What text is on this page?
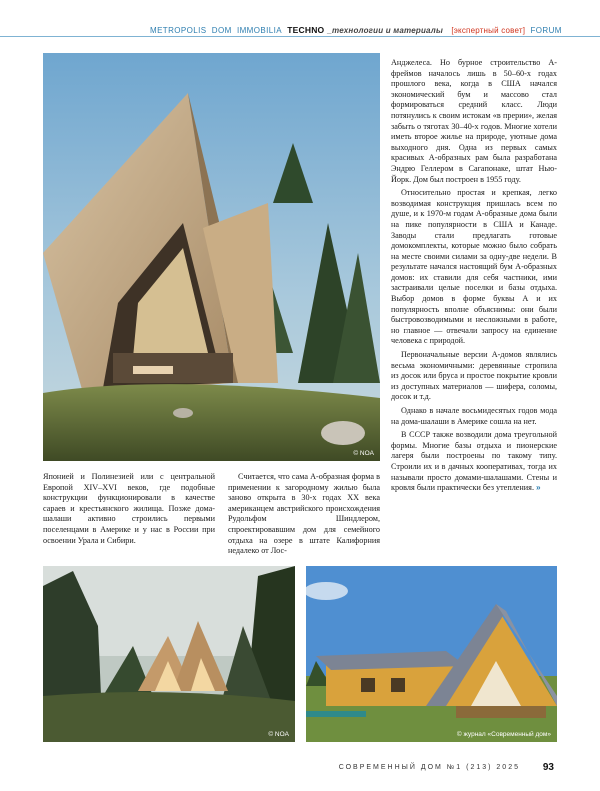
METROPOLIS DOM IMMOBILIA TECHNO _технологии и материалы [экспертный совет] FORUM
© NOA

Японией и Полинезией или с центральной Европой XIV–XVI веков, где подобные конструкции функционировали в качестве сараев и крестьянского жилища. Позже дома-шалаши активно строились первыми поселенцами в Америке и у нас в России при освоении Урала и Сибири.

Считается, что сама А-образная форма в применении к загородному жилью была заново открыта в 30-х годах XX века американцем австрийского происхождения Рудольфом Шиндлером, спроектировавшим дом для семейного отдыха на озере в штате Калифорния недалеко от Лос-

Анджелеса. Но бурное строительство А-фреймов началось лишь в 50–60-х годах прошлого века, когда в США начался экономический бум и массово стал формироваться средний класс. Люди потянулись к своим истокам «в прерии», желая забыть о тяготах 30–40-х годов. Многие хотели иметь второе жилье на природе, уютные дома выходного дня. Одна из первых самых красивых А-образных рам была разработана Эндрю Геллером в Сагапонаке, штат Нью-Йорк. Дом был построен в 1955 году.

Относительно простая и крепкая, легко возводимая конструкция пришлась всем по душе, и к 1970-м годам А-образные дома были на пике популярности в США и Канаде. Заводы стали предлагать готовые домокомплекты, которые можно было собрать на месте своими силами за одну-две недели. В результате начался настоящий бум А-образных домов: их ставили для себя частники, ими застраивали целые поселки и базы отдыха. Выбор домов в форме буквы А и их популярность вполне объяснимы: они были быстровозводимыми и несложными в работе, но главное — отвечали запросу на единение человека с природой.

Первоначальные версии А-домов являлись весьма экономичными: деревянные стропила из досок или бруса и простое покрытие кровли из доступных материалов — шифера, соломы, досок и т.д.

Однако в начале восьмидесятых годов мода на дома-шалаши в Америке сошла на нет.

В СССР также возводили дома треугольной формы. Многие базы отдыха и пионерские лагеря были построены по такому типу. Строили их и в дачных кооперативах, тогда их называли просто домами-шалашами. Стены и кровля были практически без утепления. »

© NOA	© журнал «Современный дом»
СОВРЕМЕННЫЙ ДОМ №1 (213) 2025 93
